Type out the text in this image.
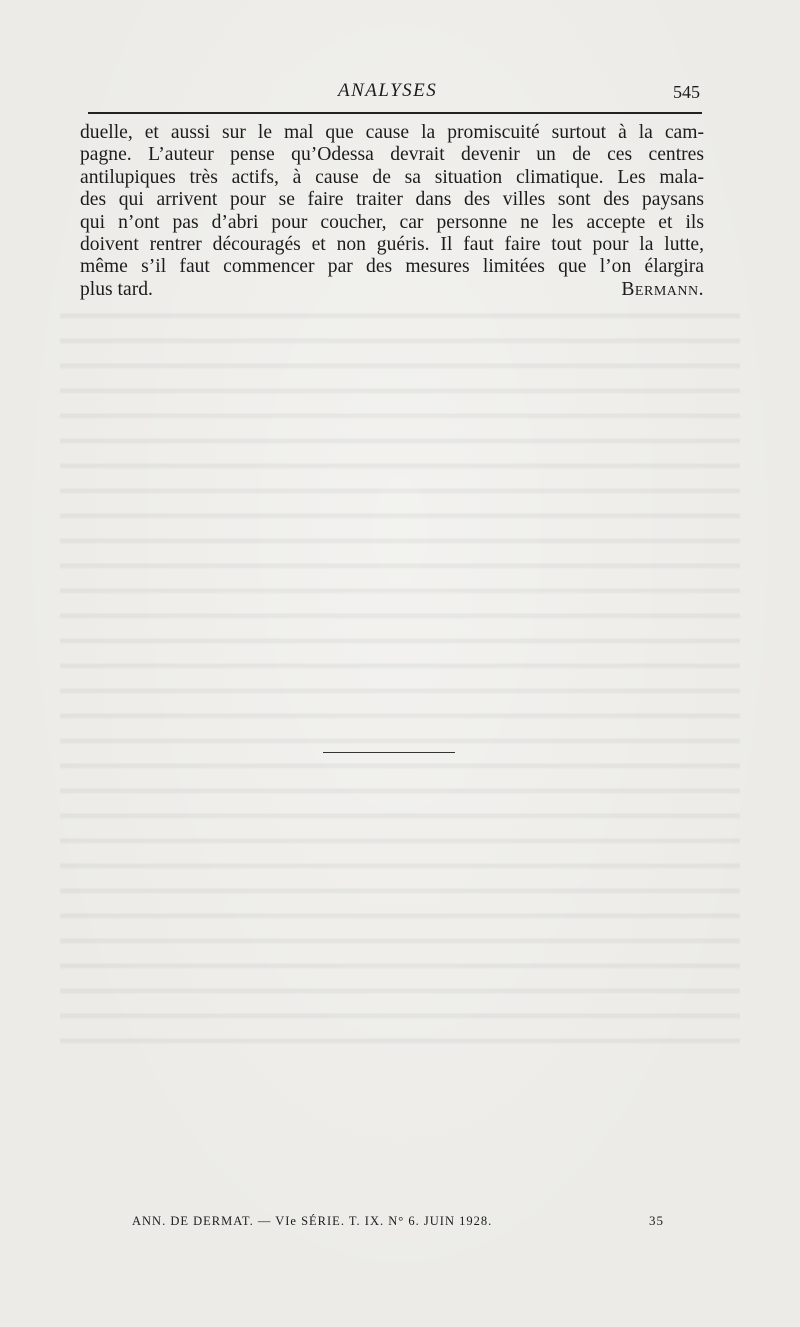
ANALYSES	545
duelle, et aussi sur le mal que cause la promiscuité surtout à la cam-
pagne. L’auteur pense qu’Odessa devrait devenir un de ces centres
antilupiques très actifs, à cause de sa situation climatique. Les mala-
des qui arrivent pour se faire traiter dans des villes sont des paysans
qui n’ont pas d’abri pour coucher, car personne ne les accepte et ils
doivent rentrer découragés et non guéris. Il faut faire tout pour la lutte,
même s’il faut commencer par des mesures limitées que l’on élargira
plus tard.	Bermann.
ANN. DE DERMAT. — VIe SÉRIE. T. IX. N° 6. JUIN 1928.	35
